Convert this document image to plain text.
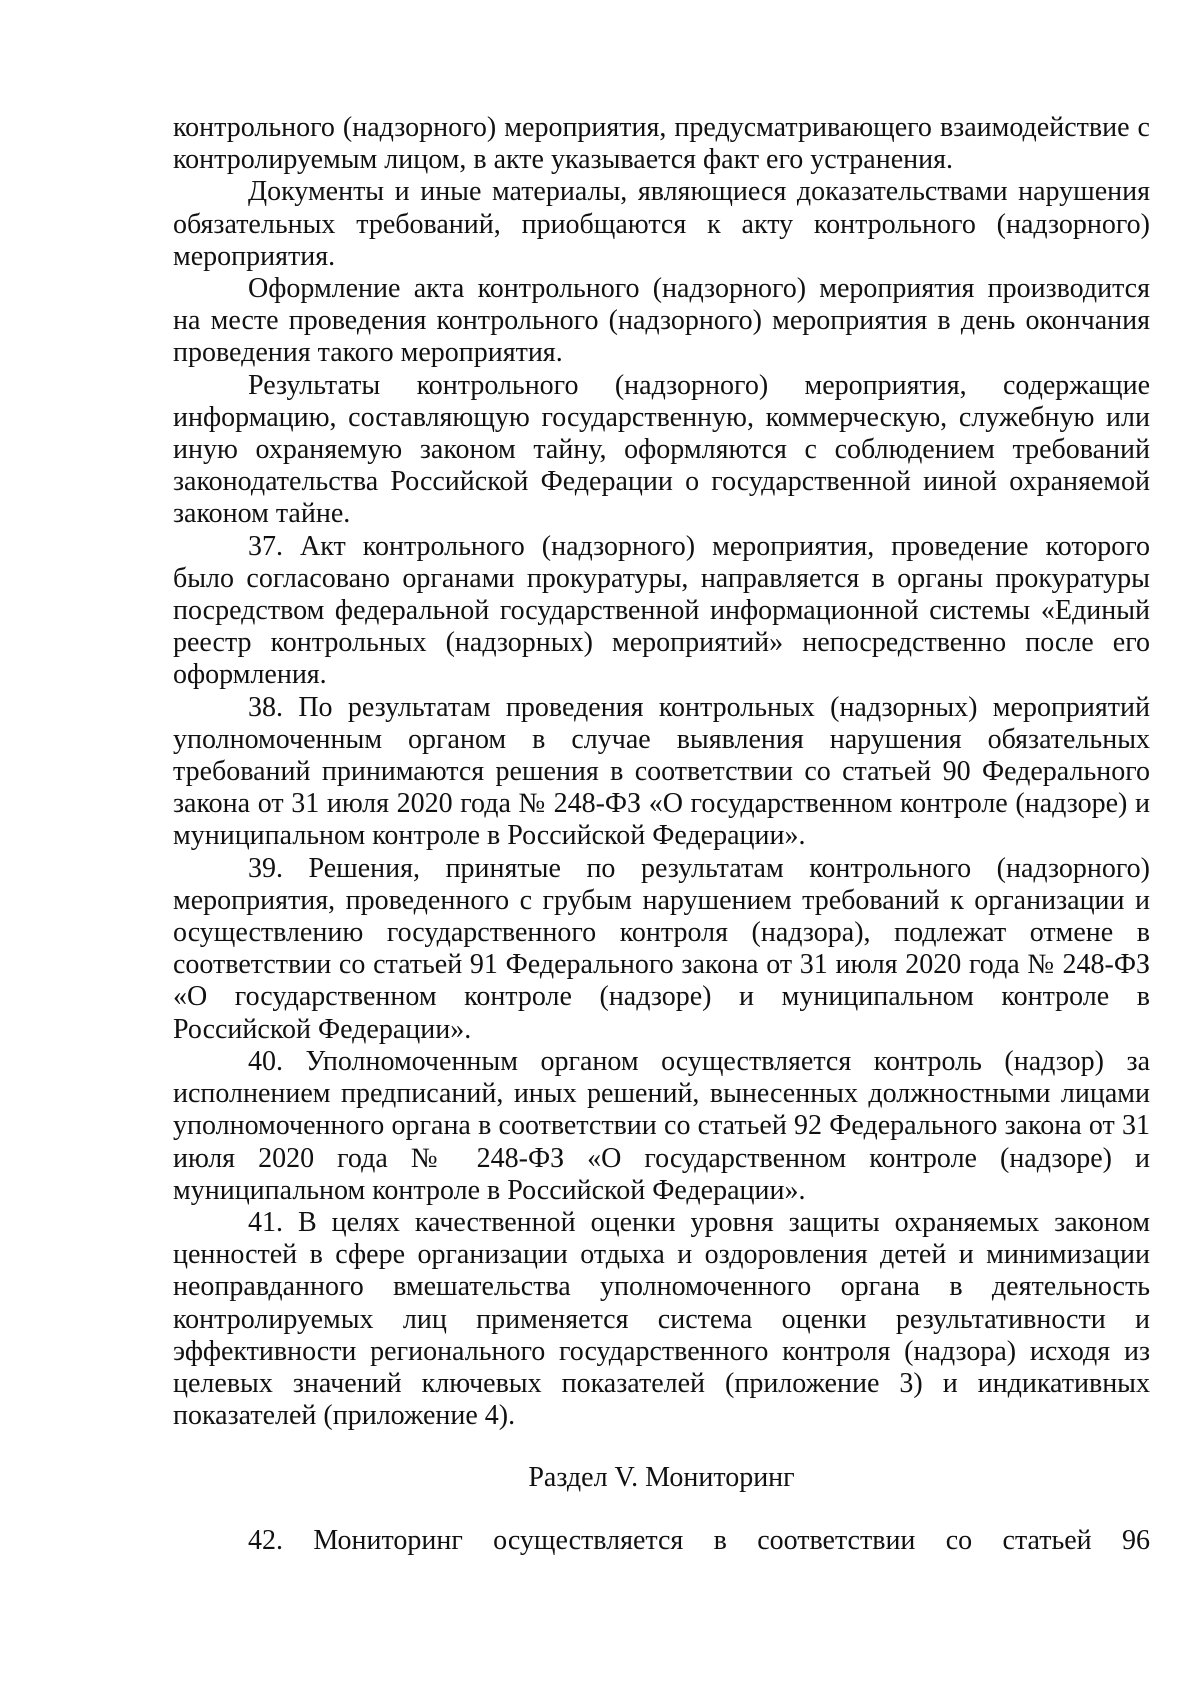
контрольного (надзорного) мероприятия, предусматривающего взаимодействие с контролируемым лицом, в акте указывается факт его устранения.

Документы и иные материалы, являющиеся доказательствами нарушения обязательных требований, приобщаются к акту контрольного (надзорного) мероприятия.

Оформление акта контрольного (надзорного) мероприятия производится на месте проведения контрольного (надзорного) мероприятия в день окончания проведения такого мероприятия.

Результаты контрольного (надзорного) мероприятия, содержащие информацию, составляющую государственную, коммерческую, служебную или иную охраняемую законом тайну, оформляются с соблюдением требований законодательства Российской Федерации о государственной ииной охраняемой законом тайне.

37. Акт контрольного (надзорного) мероприятия, проведение которого было согласовано органами прокуратуры, направляется в органы прокуратуры посредством федеральной государственной информационной системы «Единый реестр контрольных (надзорных) мероприятий» непосредственно после его оформления.

38. По результатам проведения контрольных (надзорных) мероприятий уполномоченным органом в случае выявления нарушения обязательных требований принимаются решения в соответствии со статьей 90 Федерального закона от 31 июля 2020 года № 248-ФЗ «О государственном контроле (надзоре) и муниципальном контроле в Российской Федерации».

39. Решения, принятые по результатам контрольного (надзорного) мероприятия, проведенного с грубым нарушением требований к организации и осуществлению государственного контроля (надзора), подлежат отмене в соответствии со статьей 91 Федерального закона от 31 июля 2020 года № 248-ФЗ «О государственном контроле (надзоре) и муниципальном контроле в Российской Федерации».

40. Уполномоченным органом осуществляется контроль (надзор) за исполнением предписаний, иных решений, вынесенных должностными лицами уполномоченного органа в соответствии со статьей 92 Федерального закона от 31 июля 2020 года № 248-ФЗ «О государственном контроле (надзоре) и муниципальном контроле в Российской Федерации».

41. В целях качественной оценки уровня защиты охраняемых законом ценностей в сфере организации отдыха и оздоровления детей и минимизации неоправданного вмешательства уполномоченного органа в деятельность контролируемых лиц применяется система оценки результативности и эффективности регионального государственного контроля (надзора) исходя из целевых значений ключевых показателей (приложение 3) и индикативных показателей (приложение 4).

Раздел V. Мониторинг

42. Мониторинг осуществляется в соответствии со статьей 96
